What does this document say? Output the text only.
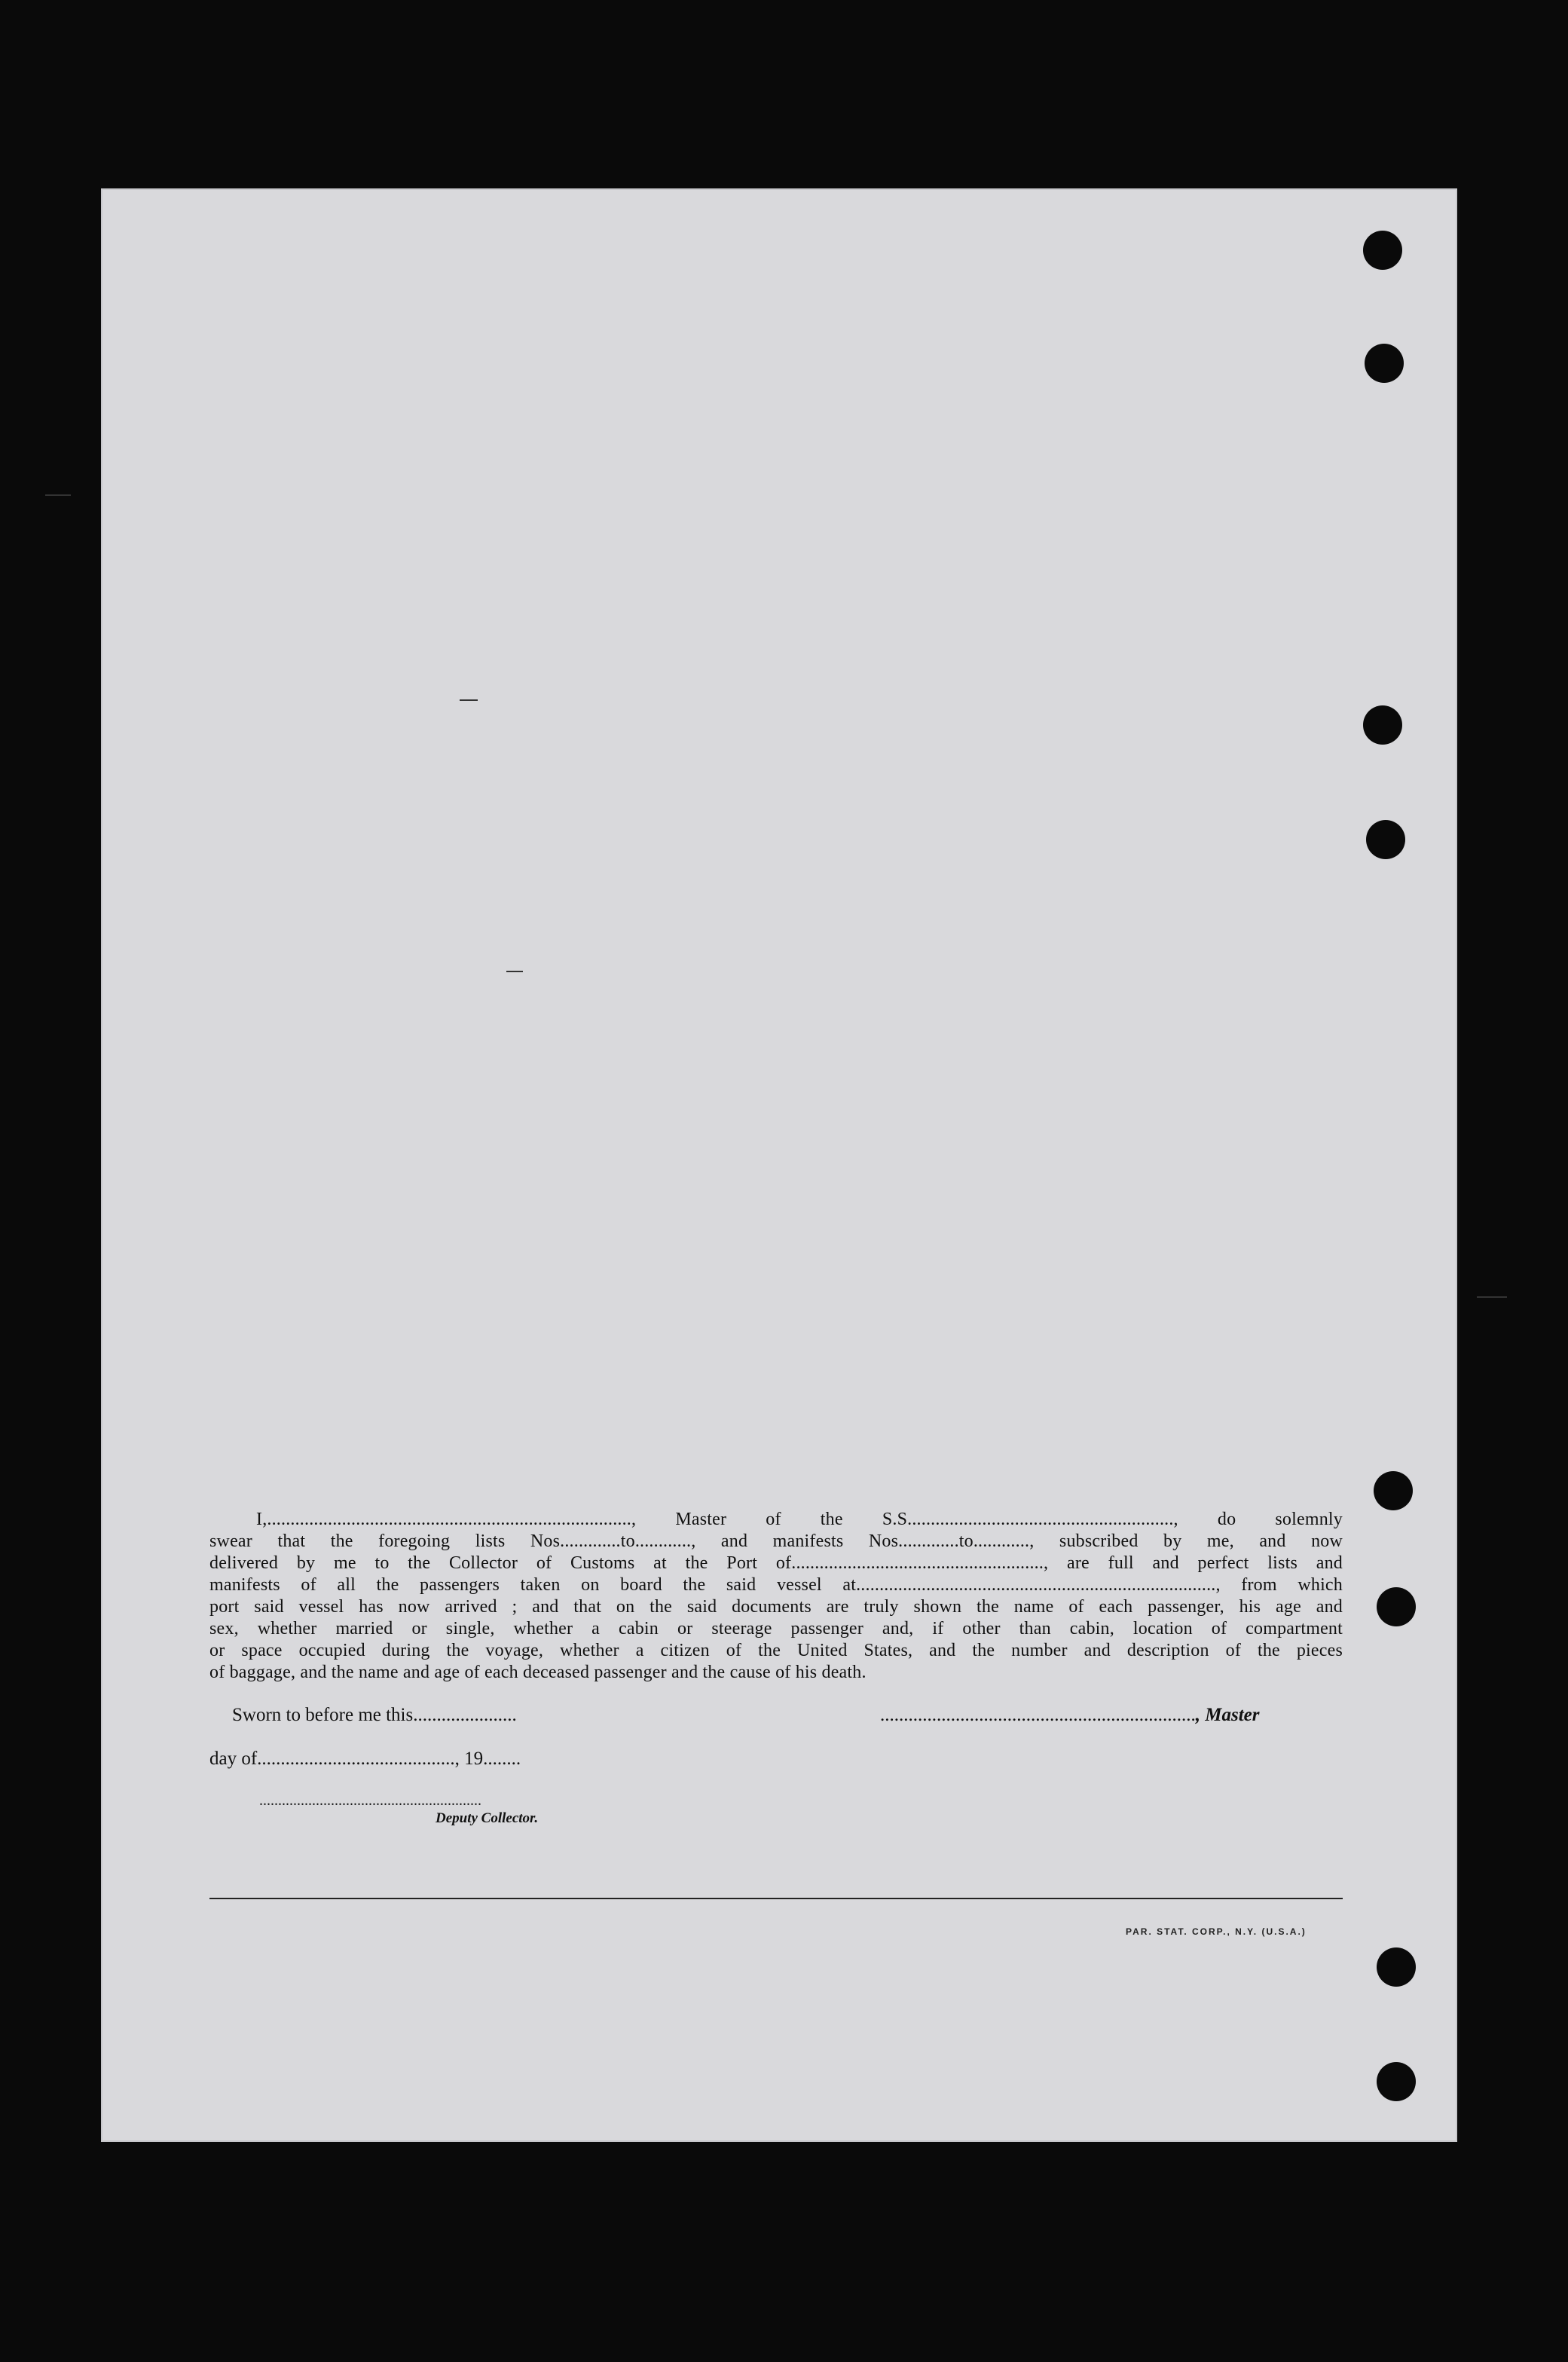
I,.............................................................................., Master of the S.S........................................................., do solemnly
swear that the foregoing lists Nos.............to............, and manifests Nos.............to............, subscribed by me, and now
delivered by me to the Collector of Customs at the Port of......................................................, are full and perfect lists and
manifests of all the passengers taken on board the said vessel at............................................................................., from which
port said vessel has now arrived ; and that on the said documents are truly shown the name of each passenger, his age and
sex, whether married or single, whether a cabin or steerage passenger and, if other than cabin, location of compartment
or space occupied during the voyage, whether a citizen of the United States, and the number and description of the pieces
of baggage, and the name and age of each deceased passenger and the cause of his death.
Sworn to before me this......................	..................................................................., Master
day of.........................................., 19........
...........................................................
Deputy Collector.
PAR. STAT. CORP., N.Y. (U.S.A.)
